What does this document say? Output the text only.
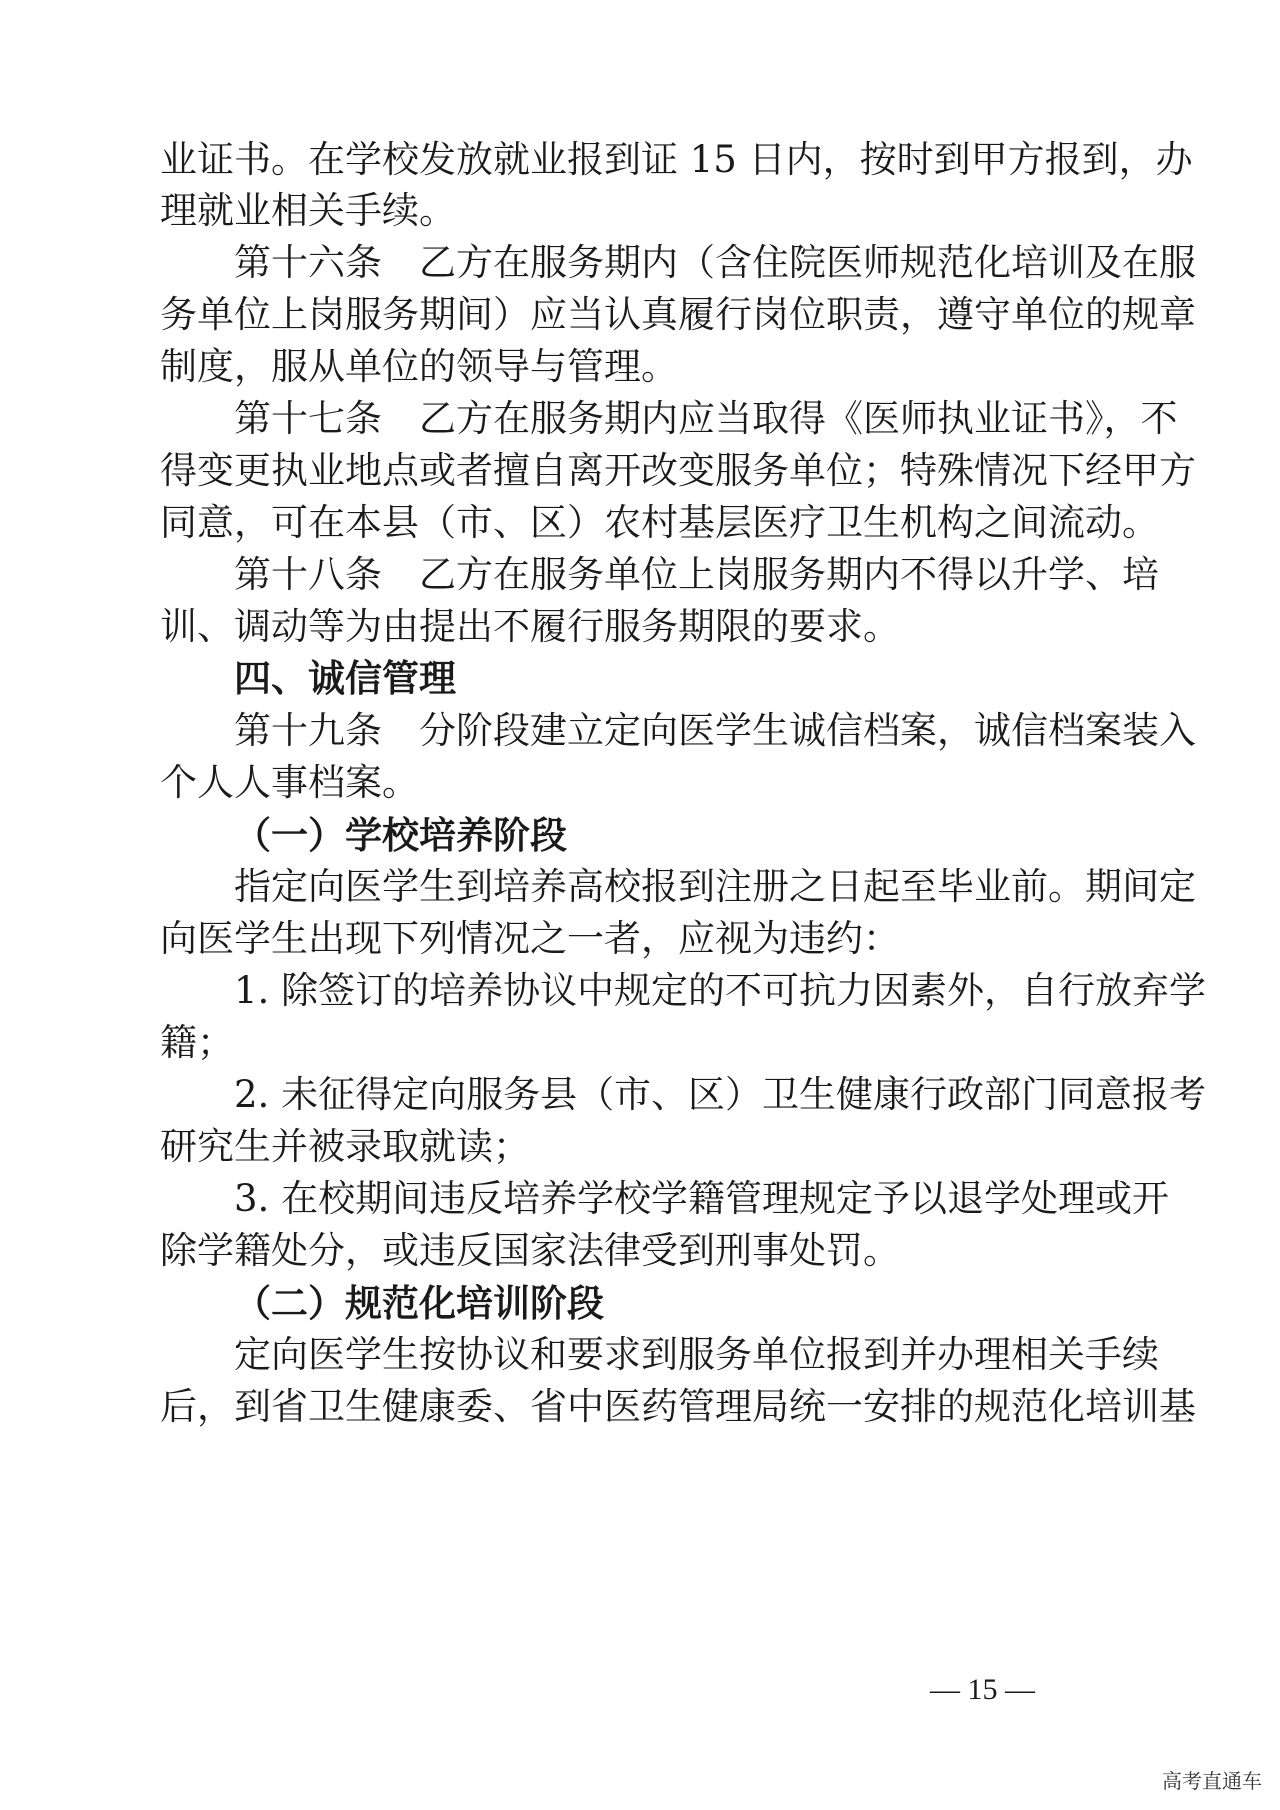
业证书。在学校发放就业报到证 15 日内，按时到甲方报到，办
理就业相关手续。
第十六条　乙方在服务期内（含住院医师规范化培训及在服
务单位上岗服务期间）应当认真履行岗位职责，遵守单位的规章
制度，服从单位的领导与管理。
第十七条　乙方在服务期内应当取得《医师执业证书》，不
得变更执业地点或者擅自离开改变服务单位；特殊情况下经甲方
同意，可在本县（市、区）农村基层医疗卫生机构之间流动。
第十八条　乙方在服务单位上岗服务期内不得以升学、培
训、调动等为由提出不履行服务期限的要求。
四、诚信管理
第十九条　分阶段建立定向医学生诚信档案，诚信档案装入
个人人事档案。
（一）学校培养阶段
指定向医学生到培养高校报到注册之日起至毕业前。期间定
向医学生出现下列情况之一者，应视为违约：
1. 除签订的培养协议中规定的不可抗力因素外，自行放弃学
籍；
2. 未征得定向服务县（市、区）卫生健康行政部门同意报考
研究生并被录取就读；
3. 在校期间违反培养学校学籍管理规定予以退学处理或开
除学籍处分，或违反国家法律受到刑事处罚。
（二）规范化培训阶段
定向医学生按协议和要求到服务单位报到并办理相关手续
后，到省卫生健康委、省中医药管理局统一安排的规范化培训基
— 15 —
高考直通车
